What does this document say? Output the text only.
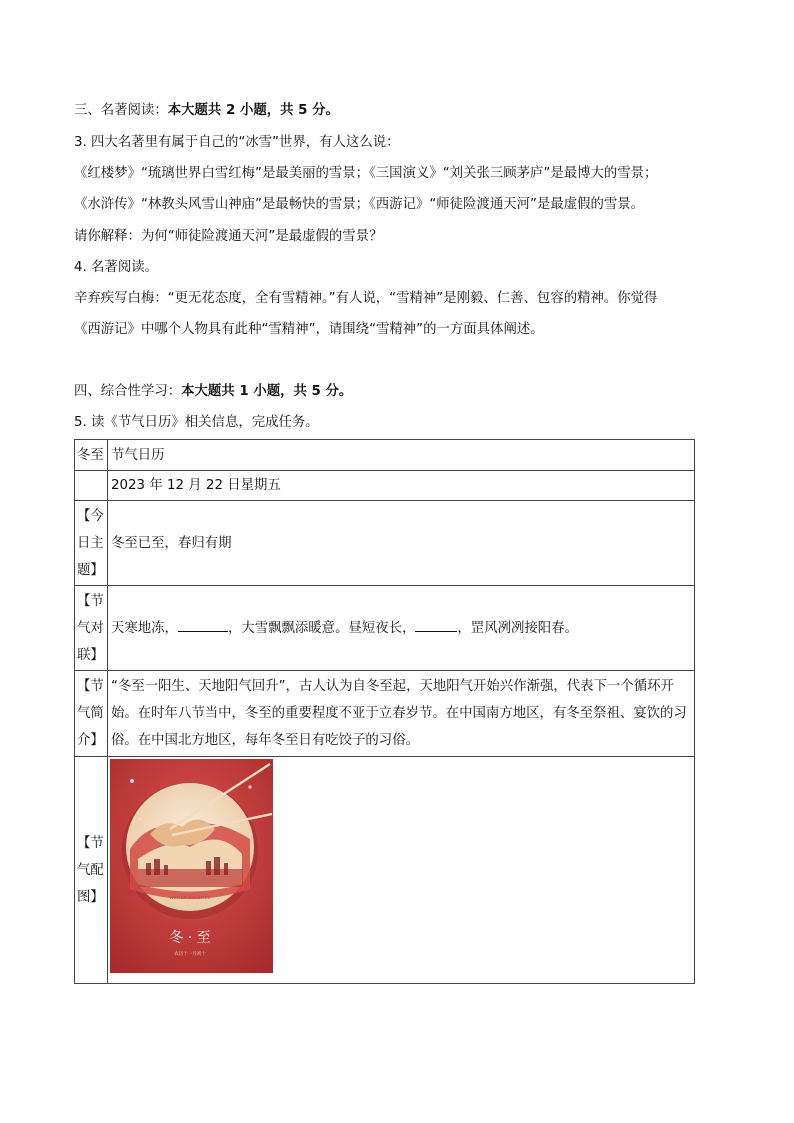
三、名著阅读：本大题共 2 小题，共 5 分。
3. 四大名著里有属于自己的“冰雪”世界，有人这么说：
《红楼梦》“琉璃世界白雪红梅”是最美丽的雪景；《三国演义》“刘关张三顾茅庐”是最博大的雪景；
《水浒传》“林教头风雪山神庙”是最畅快的雪景；《西游记》“师徒险渡通天河”是最虚假的雪景。
请你解释：为何“师徒险渡通天河”是最虚假的雪景？
4. 名著阅读。
辛弃疾写白梅：“更无花态度，全有雪精神。”有人说，“雪精神”是刚毅、仁善、包容的精神。你觉得
《西游记》中哪个人物具有此种“雪精神”，请围绕“雪精神”的一方面具体阐述。
四、综合性学习：本大题共 1 小题，共 5 分。
5. 读《节气日历》相关信息，完成任务。
冬至	节气日历
	2023 年 12 月 22 日星期五

【今
日主
题】	冬至已至，春归有期

【节
气对
联】	天寒地冻， ，大雪飘飘添暖意。昼短夜长， ，罡风冽冽接阳春。

【节
气简
介】	“冬至一阳生、天地阳气回升”，古人认为自冬至起，天地阳气开始兴作渐强，代表下一个循环开始。在时年八节当中，冬至的重要程度不亚于立春岁节。在中国南方地区，有冬至祭祖、宴饮的习俗。在中国北方地区，每年冬至日有吃饺子的习俗。

【节
气配
图】	WINTER SOLSTICE
冬 · 至
农历十一月初十
